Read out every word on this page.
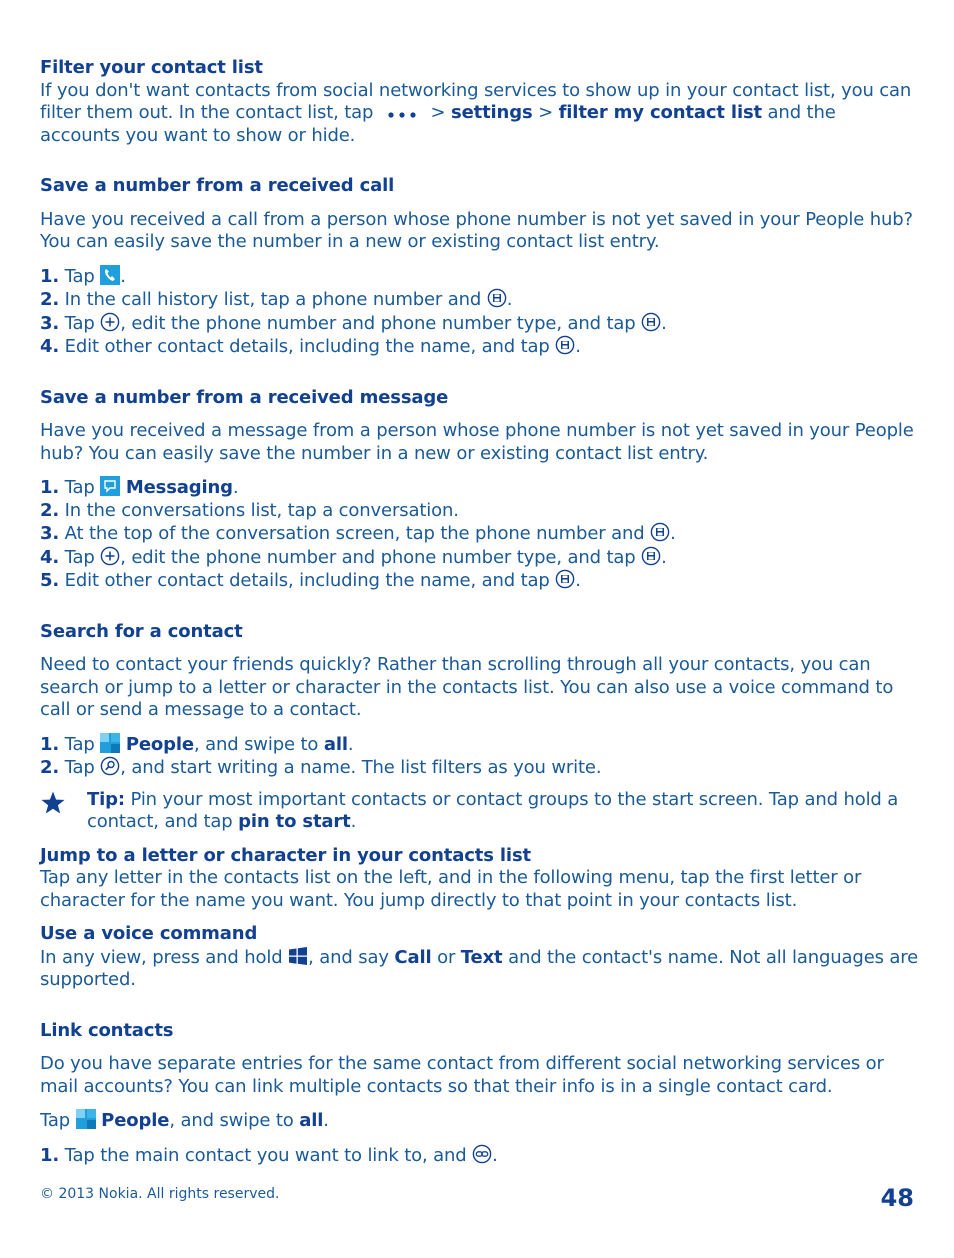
Filter your contact list
If you don't want contacts from social networking services to show up in your contact list, you can filter them out. In the contact list, tap	> settings > filter my contact list and the accounts you want to show or hide.
Save a number from a received call
Have you received a call from a person whose phone number is not yet saved in your People hub? You can easily save the number in a new or existing contact list entry.
1. Tap .
2. In the call history list, tap a phone number and .
3. Tap , edit the phone number and phone number type, and tap .
4. Edit other contact details, including the name, and tap .
Save a number from a received message
Have you received a message from a person whose phone number is not yet saved in your People hub? You can easily save the number in a new or existing contact list entry.
1. Tap  Messaging.
2. In the conversations list, tap a conversation.
3. At the top of the conversation screen, tap the phone number and .
4. Tap , edit the phone number and phone number type, and tap .
5. Edit other contact details, including the name, and tap .
Search for a contact
Need to contact your friends quickly? Rather than scrolling through all your contacts, you can search or jump to a letter or character in the contacts list. You can also use a voice command to call or send a message to a contact.
1. Tap  People, and swipe to all.
2. Tap , and start writing a name. The list filters as you write.
Tip: Pin your most important contacts or contact groups to the start screen. Tap and hold a contact, and tap pin to start.
Jump to a letter or character in your contacts list
Tap any letter in the contacts list on the left, and in the following menu, tap the first letter or character for the name you want. You jump directly to that point in your contacts list.
Use a voice command
In any view, press and hold , and say Call or Text and the contact's name. Not all languages are supported.
Link contacts
Do you have separate entries for the same contact from different social networking services or mail accounts? You can link multiple contacts so that their info is in a single contact card.
Tap  People, and swipe to all.
1. Tap the main contact you want to link to, and .
© 2013 Nokia. All rights reserved.	48
